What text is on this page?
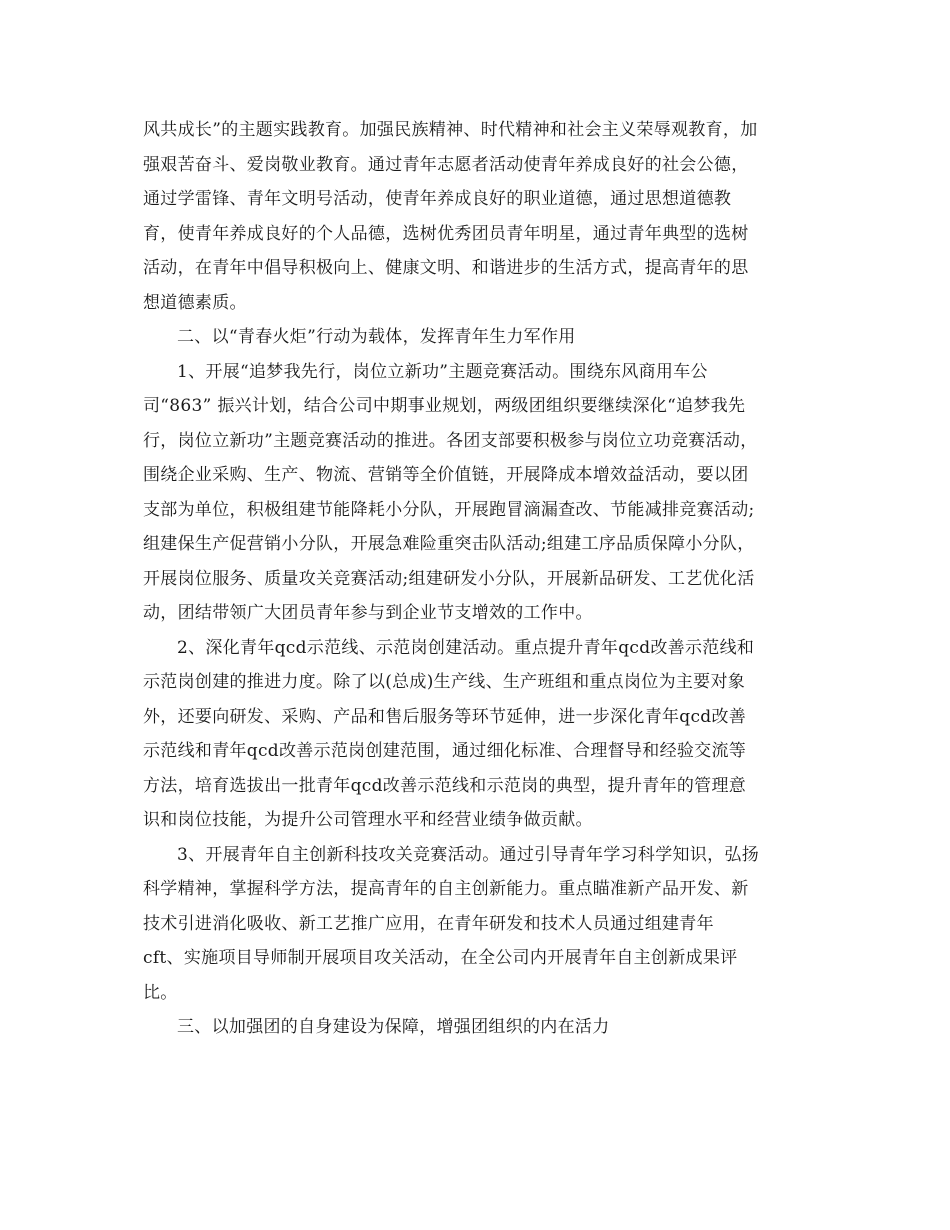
风共成长”的主题实践教育。加强民族精神、时代精神和社会主义荣辱观教育，加
强艰苦奋斗、爱岗敬业教育。通过青年志愿者活动使青年养成良好的社会公德，
通过学雷锋、青年文明号活动，使青年养成良好的职业道德，通过思想道德教
育，使青年养成良好的个人品德，选树优秀团员青年明星，通过青年典型的选树
活动，在青年中倡导积极向上、健康文明、和谐进步的生活方式，提高青年的思
想道德素质。
二、以“青春火炬”行动为载体，发挥青年生力军作用
1、开展“追梦我先行，岗位立新功”主题竞赛活动。围绕东风商用车公
司“863” 振兴计划，结合公司中期事业规划，两级团组织要继续深化“追梦我先
行，岗位立新功”主题竞赛活动的推进。各团支部要积极参与岗位立功竞赛活动，
围绕企业采购、生产、物流、营销等全价值链，开展降成本增效益活动，要以团
支部为单位，积极组建节能降耗小分队，开展跑冒滴漏查改、节能减排竞赛活动;
组建保生产促营销小分队，开展急难险重突击队活动;组建工序品质保障小分队，
开展岗位服务、质量攻关竞赛活动;组建研发小分队，开展新品研发、工艺优化活
动，团结带领广大团员青年参与到企业节支增效的工作中。
2、深化青年qcd示范线、示范岗创建活动。重点提升青年qcd改善示范线和
示范岗创建的推进力度。除了以(总成)生产线、生产班组和重点岗位为主要对象
外，还要向研发、采购、产品和售后服务等环节延伸，进一步深化青年qcd改善
示范线和青年qcd改善示范岗创建范围，通过细化标准、合理督导和经验交流等
方法，培育选拔出一批青年qcd改善示范线和示范岗的典型，提升青年的管理意
识和岗位技能，为提升公司管理水平和经营业绩争做贡献。
3、开展青年自主创新科技攻关竞赛活动。通过引导青年学习科学知识，弘扬
科学精神，掌握科学方法，提高青年的自主创新能力。重点瞄准新产品开发、新
技术引进消化吸收、新工艺推广应用，在青年研发和技术人员通过组建青年
cft、实施项目导师制开展项目攻关活动，在全公司内开展青年自主创新成果评
比。
三、以加强团的自身建设为保障，增强团组织的内在活力
